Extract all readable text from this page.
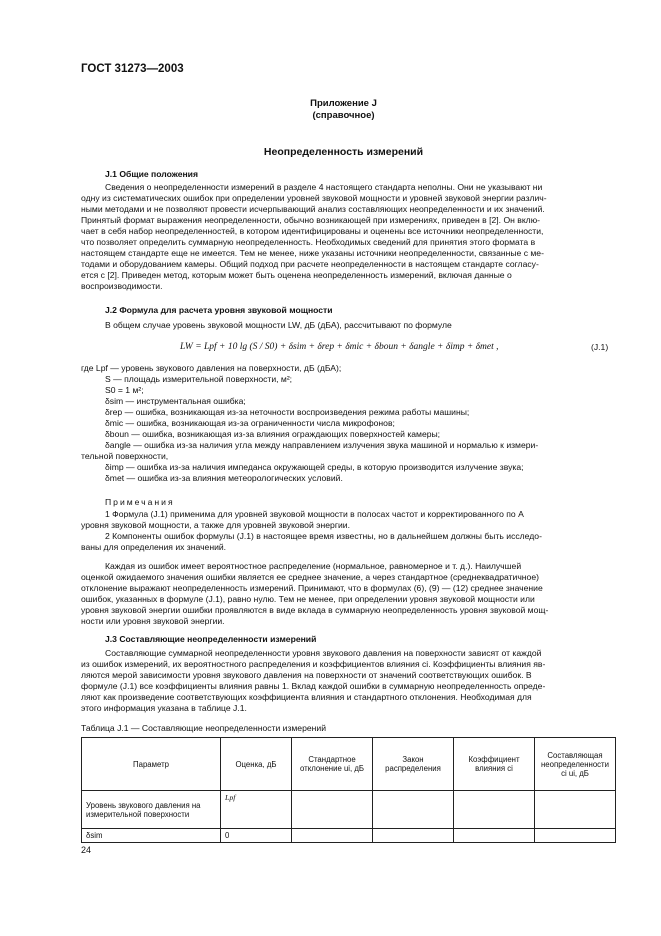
ГОСТ 31273—2003
Приложение J
(справочное)
Неопределенность измерений
J.1 Общие положения
Сведения о неопределенности измерений в разделе 4 настоящего стандарта неполны. Они не указывают ни
одну из систематических ошибок при определении уровней звуковой мощности и уровней звуковой энергии различ-
ными методами и не позволяют провести исчерпывающий анализ составляющих неопределенности и их значений.
Принятый формат выражения неопределенности, обычно возникающей при измерениях, приведен в [2]. Он вклю-
чает в себя набор неопределенностей, в котором идентифицированы и оценены все источники неопределенности,
что позволяет определить суммарную неопределенность. Необходимых сведений для принятия этого формата в
настоящем стандарте еще не имеется. Тем не менее, ниже указаны источники неопределенности, связанные с ме-
тодами и оборудованием камеры. Общий подход при расчете неопределенности в настоящем стандарте согласу-
ется с [2]. Приведен метод, которым может быть оценена неопределенность измерений, включая данные о
воспроизводимости.
J.2 Формула для расчета уровня звуковой мощности
В общем случае уровень звуковой мощности LW, дБ (дБА), рассчитывают по формуле
LW = Lpf + 10 lg (S / S0) + δsim + δrep + δmic + δboun + δangle + δimp + δmet ,	(J.1)
где Lpf — уровень звукового давления на поверхности, дБ (дБА);
S — площадь измерительной поверхности, м²;
S0 = 1 м²;
δsim — инструментальная ошибка;
δrep — ошибка, возникающая из-за неточности воспроизведения режима работы машины;
δmic — ошибка, возникающая из-за ограниченности числа микрофонов;
δboun — ошибка, возникающая из-за влияния ограждающих поверхностей камеры;
δangle — ошибка из-за наличия угла между направлением излучения звука машиной и нормалью к измери-
тельной поверхности,
δimp — ошибка из-за наличия импеданса окружающей среды, в которую производится излучение звука;
δmet — ошибка из-за влияния метеорологических условий.
Примечания
1 Формула (J.1) применима для уровней звуковой мощности в полосах частот и корректированного по A
уровня звуковой мощности, а также для уровней звуковой энергии.
2 Компоненты ошибок формулы (J.1) в настоящее время известны, но в дальнейшем должны быть исследо-
ваны для определения их значений.
Каждая из ошибок имеет вероятностное распределение (нормальное, равномерное и т. д.). Наилучшей
оценкой ожидаемого значения ошибки является ее среднее значение, а через стандартное (среднеквадратичное)
отклонение выражают неопределенность измерений. Принимают, что в формулах (6), (9) — (12) среднее значение
ошибок, указанных в формуле (J.1), равно нулю. Тем не менее, при определении уровня звуковой мощности или
уровня звуковой энергии ошибки проявляются в виде вклада в суммарную неопределенность уровня звуковой мощ-
ности или уровня звуковой энергии.
J.3 Составляющие неопределенности измерений
Составляющие суммарной неопределенности уровня звукового давления на поверхности зависят от каждой
из ошибок измерений, их вероятностного распределения и коэффициентов влияния ci. Коэффициенты влияния яв-
ляются мерой зависимости уровня звукового давления на поверхности от значений соответствующих ошибок. В
формуле (J.1) все коэффициенты влияния равны 1. Вклад каждой ошибки в суммарную неопределенность опреде-
ляют как произведение соответствующих коэффициента влияния и стандартного отклонения. Необходимая для
этого информация указана в таблице J.1.
Таблица J.1 — Составляющие неопределенности измерений
Параметр	Оценка, дБ	Стандартное отклонение ui, дБ	Закон распределения	Коэффициент влияния ci	Составляющая неопределенности ci ui, дБ
Уровень звукового давления на измерительной поверхности	Lpf				
δsim	0				
24
